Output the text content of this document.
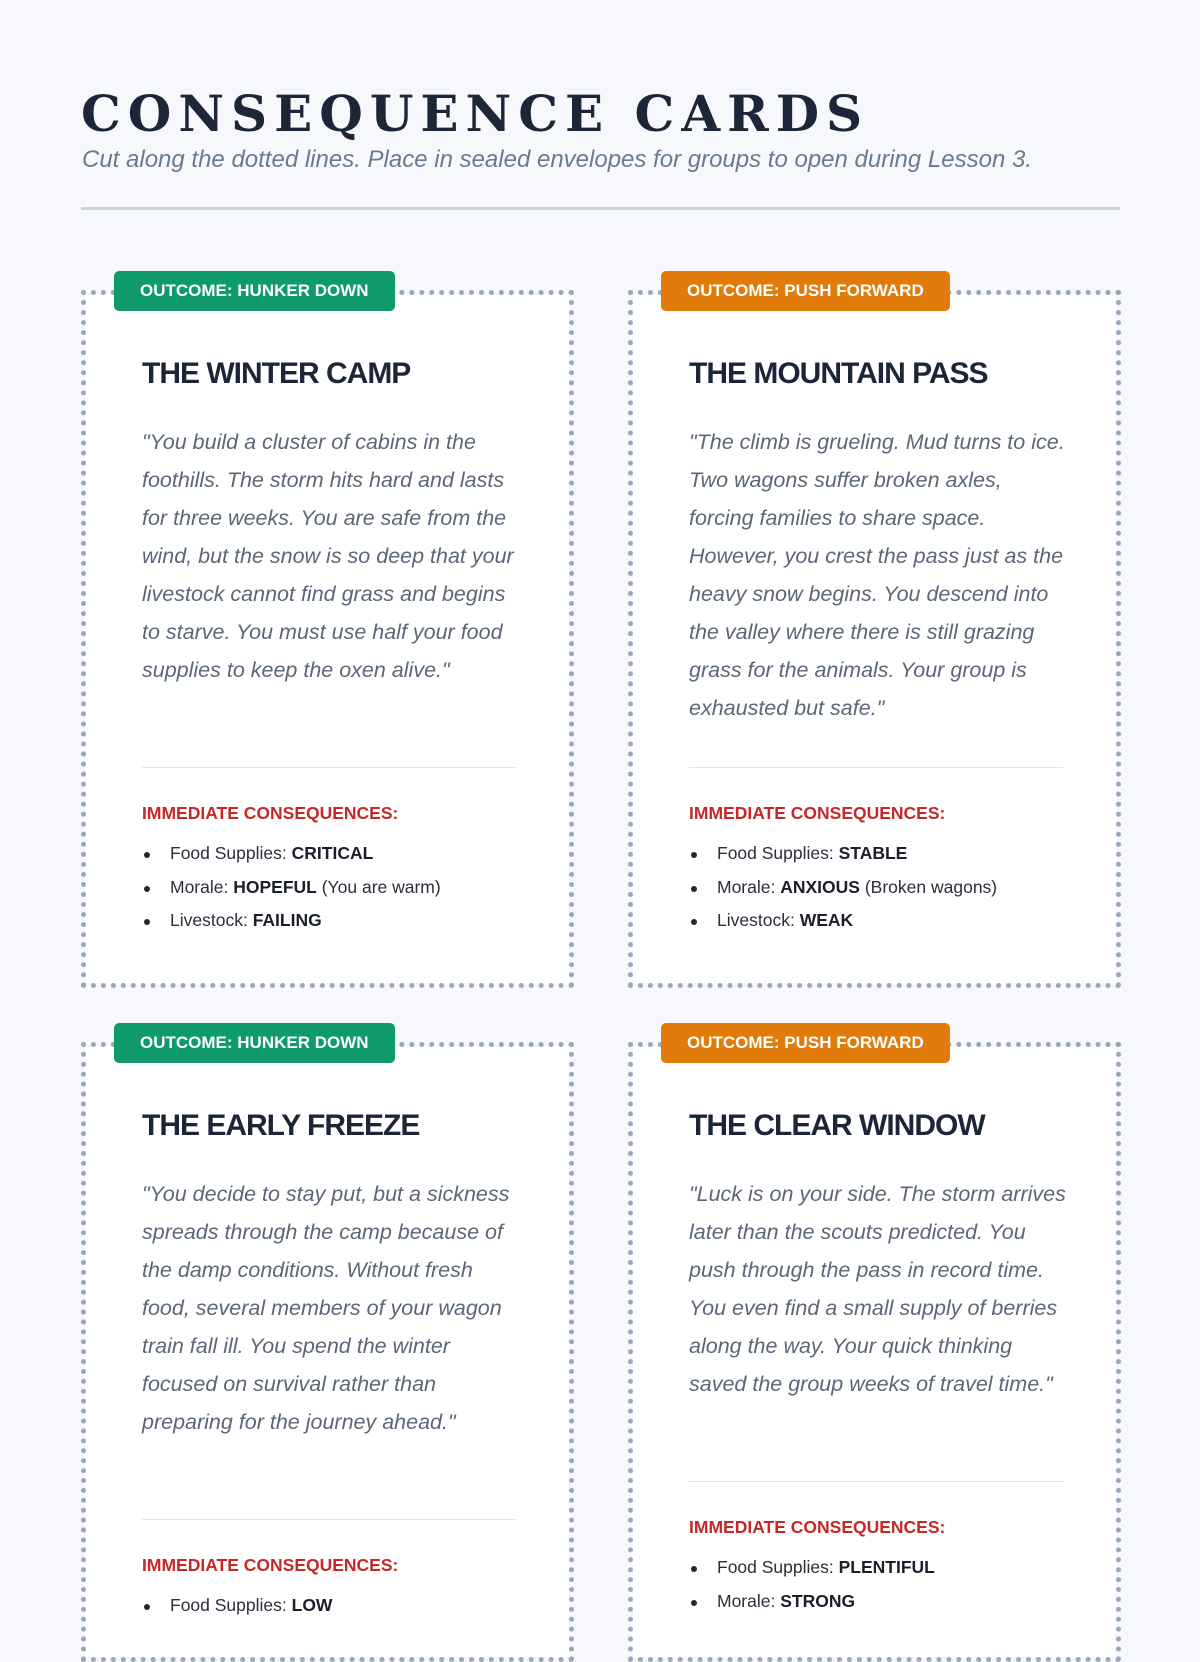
CONSEQUENCE CARDS
Cut along the dotted lines. Place in sealed envelopes for groups to open during Lesson 3.
OUTCOME: HUNKER DOWN
THE WINTER CAMP
"You build a cluster of cabins in the foothills. The storm hits hard and lasts for three weeks. You are safe from the wind, but the snow is so deep that your livestock cannot find grass and begins to starve. You must use half your food supplies to keep the oxen alive."
IMMEDIATE CONSEQUENCES:
Food Supplies: CRITICAL
Morale: HOPEFUL (You are warm)
Livestock: FAILING
OUTCOME: PUSH FORWARD
THE MOUNTAIN PASS
"The climb is grueling. Mud turns to ice. Two wagons suffer broken axles, forcing families to share space. However, you crest the pass just as the heavy snow begins. You descend into the valley where there is still grazing grass for the animals. Your group is exhausted but safe."
IMMEDIATE CONSEQUENCES:
Food Supplies: STABLE
Morale: ANXIOUS (Broken wagons)
Livestock: WEAK
OUTCOME: HUNKER DOWN
THE EARLY FREEZE
"You decide to stay put, but a sickness spreads through the camp because of the damp conditions. Without fresh food, several members of your wagon train fall ill. You spend the winter focused on survival rather than preparing for the journey ahead."
IMMEDIATE CONSEQUENCES:
Food Supplies: LOW
OUTCOME: PUSH FORWARD
THE CLEAR WINDOW
"Luck is on your side. The storm arrives later than the scouts predicted. You push through the pass in record time. You even find a small supply of berries along the way. Your quick thinking saved the group weeks of travel time."
IMMEDIATE CONSEQUENCES:
Food Supplies: PLENTIFUL
Morale: STRONG
